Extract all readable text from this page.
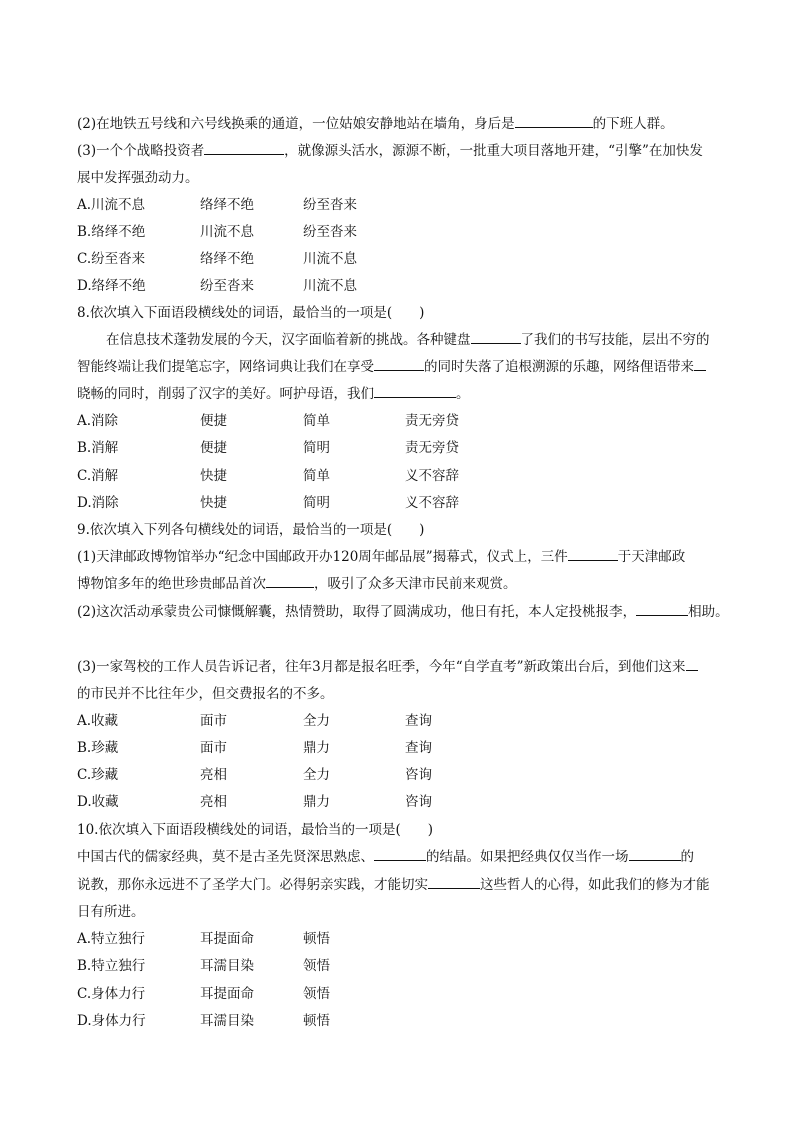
(2)在地铁五号线和六号线换乘的通道，一位姑娘安静地站在墙角，身后是	的下班人群。
(3)一个个战略投资者	，就像源头活水，源源不断，一批重大项目落地开建，“引擎”在加快发
展中发挥强劲动力。
A.川流不息	络绎不绝	纷至沓来
B.络绎不绝	川流不息	纷至沓来
C.纷至沓来	络绎不绝	川流不息
D.络绎不绝	纷至沓来	川流不息
8.依次填入下面语段横线处的词语，最恰当的一项是(　　)
在信息技术蓬勃发展的今天，汉字面临着新的挑战。各种键盘	了我们的书写技能，层出不穷的
智能终端让我们提笔忘字，网络词典让我们在享受	的同时失落了追根溯源的乐趣，网络俚语带来
晓畅的同时，削弱了汉字的美好。呵护母语，我们	。
A.消除	便捷	简单	责无旁贷
B.消解	便捷	简明	责无旁贷
C.消解	快捷	简单	义不容辞
D.消除	快捷	简明	义不容辞
9.依次填入下列各句横线处的词语，最恰当的一项是(　　)
(1)天津邮政博物馆举办“纪念中国邮政开办120周年邮品展”揭幕式，仪式上，三件	于天津邮政
博物馆多年的绝世珍贵邮品首次	，吸引了众多天津市民前来观赏。
(2)这次活动承蒙贵公司慷慨解囊，热情赞助，取得了圆满成功，他日有托，本人定投桃报李，	相助。
(3)一家驾校的工作人员告诉记者，往年3月都是报名旺季，今年“自学直考”新政策出台后，到他们这来
的市民并不比往年少，但交费报名的不多。
A.收藏	面市	全力	查询
B.珍藏	面市	鼎力	查询
C.珍藏	亮相	全力	咨询
D.收藏	亮相	鼎力	咨询
10.依次填入下面语段横线处的词语，最恰当的一项是(　　)
中国古代的儒家经典，莫不是古圣先贤深思熟虑、	的结晶。如果把经典仅仅当作一场	的
说教，那你永远进不了圣学大门。必得躬亲实践，才能切实	这些哲人的心得，如此我们的修为才能
日有所进。
A.特立独行	耳提面命	顿悟
B.特立独行	耳濡目染	领悟
C.身体力行	耳提面命	领悟
D.身体力行	耳濡目染	顿悟
